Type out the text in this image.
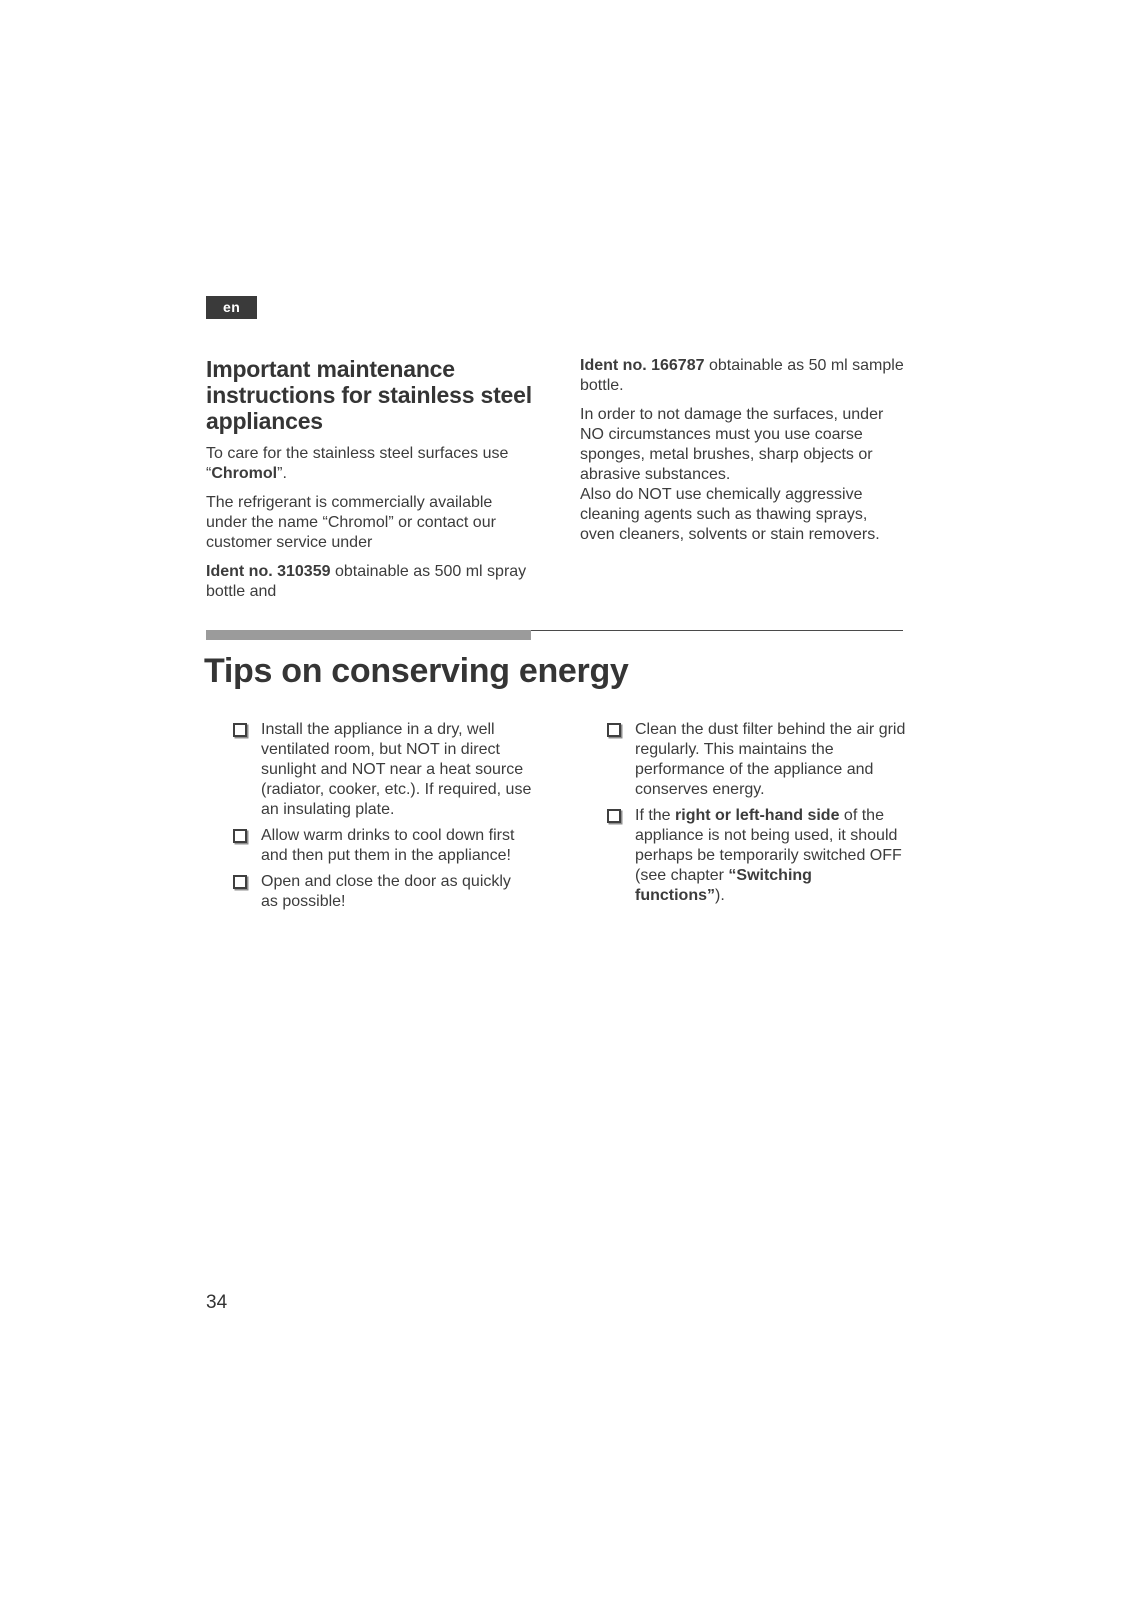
en
Important maintenance instructions for stainless steel appliances

To care for the stainless steel surfaces use “Chromol”.

The refrigerant is commercially available under the name “Chromol” or contact our customer service under

Ident no. 310359 obtainable as 500 ml spray bottle and

Ident no. 166787 obtainable as 50 ml sample bottle.

In order to not damage the surfaces, under NO circumstances must you use coarse sponges, metal brushes, sharp objects or abrasive substances.

Also do NOT use chemically aggressive cleaning agents such as thawing sprays, oven cleaners, solvents or stain removers.

Tips on conserving energy
Install the appliance in a dry, well ventilated room, but NOT in direct sunlight and NOT near a heat source (radiator, cooker, etc.). If required, use an insulating plate.
Allow warm drinks to cool down first and then put them in the appliance!
Open and close the door as quickly as possible!
Clean the dust filter behind the air grid regularly. This maintains the performance of the appliance and conserves energy.
If the right or left-hand side of the appliance is not being used, it should perhaps be temporarily switched OFF (see chapter “Switching functions”).
34
